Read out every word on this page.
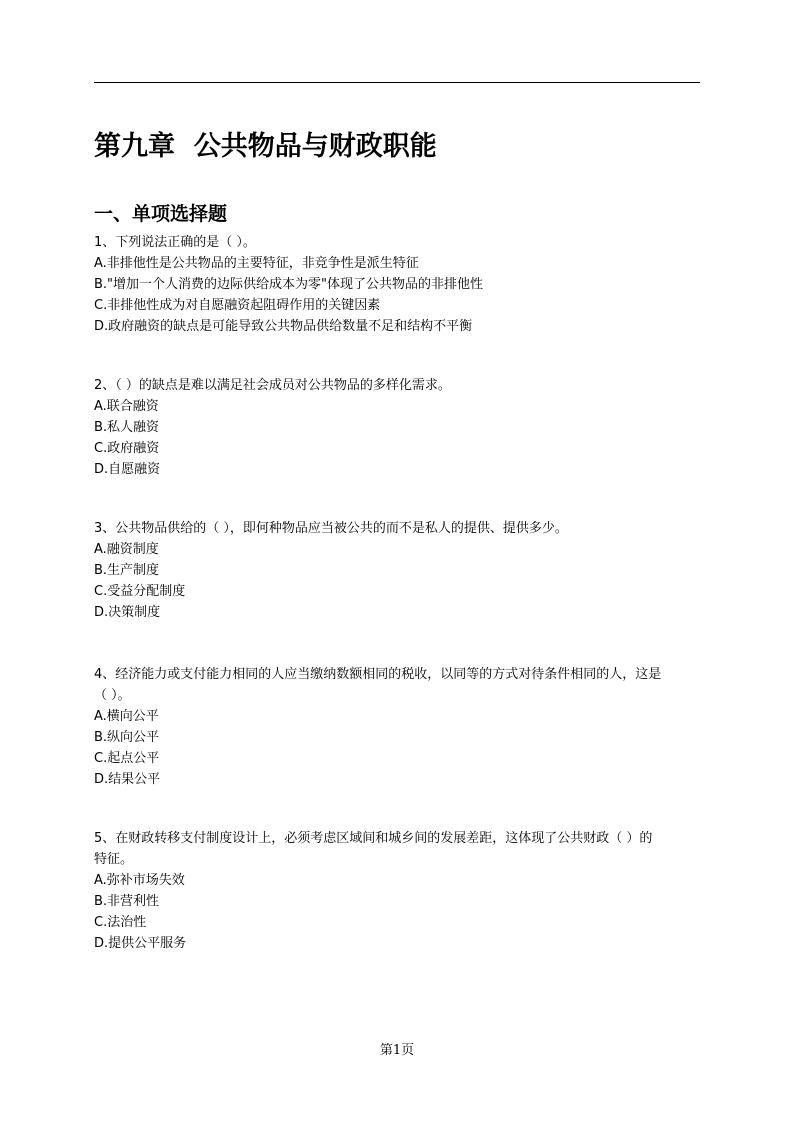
第九章  公共物品与财政职能
一、单项选择题
1、下列说法正确的是（ ）。
A.非排他性是公共物品的主要特征，非竞争性是派生特征
B."增加一个人消费的边际供给成本为零"体现了公共物品的非排他性
C.非排他性成为对自愿融资起阻碍作用的关键因素
D.政府融资的缺点是可能导致公共物品供给数量不足和结构不平衡
2、（ ）的缺点是难以满足社会成员对公共物品的多样化需求。
A.联合融资
B.私人融资
C.政府融资
D.自愿融资
3、公共物品供给的（ ），即何种物品应当被公共的而不是私人的提供、提供多少。
A.融资制度
B.生产制度
C.受益分配制度
D.决策制度
4、经济能力或支付能力相同的人应当缴纳数额相同的税收，以同等的方式对待条件相同的人，这是
（ ）。
A.横向公平
B.纵向公平
C.起点公平
D.结果公平
5、在财政转移支付制度设计上，必须考虑区域间和城乡间的发展差距，这体现了公共财政（ ）的
特征。
A.弥补市场失效
B.非营利性
C.法治性
D.提供公平服务
第1页
